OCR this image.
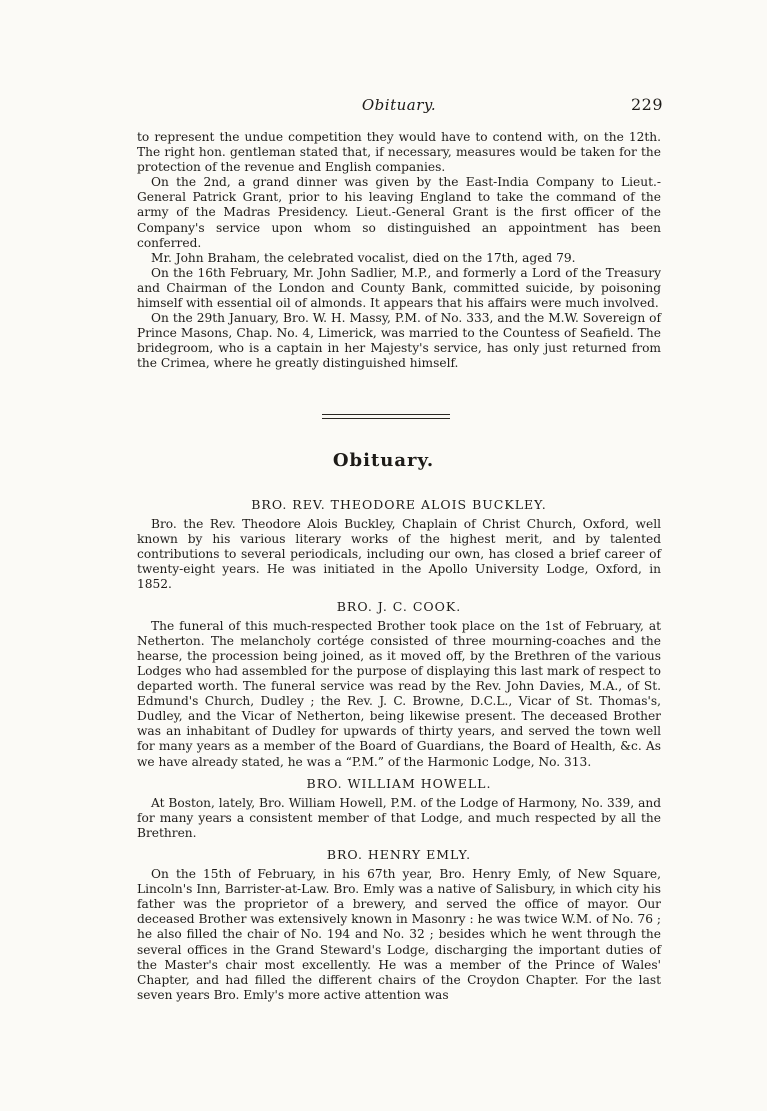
Obituary.	229

to represent the undue competition they would have to contend with, on the 12th. The right hon. gentleman stated that, if necessary, measures would be taken for the protection of the revenue and English companies.

On the 2nd, a grand dinner was given by the East-India Company to Lieut.-General Patrick Grant, prior to his leaving England to take the command of the army of the Madras Presidency. Lieut.-General Grant is the first officer of the Company's service upon whom so distinguished an appointment has been conferred.

Mr. John Braham, the celebrated vocalist, died on the 17th, aged 79.

On the 16th February, Mr. John Sadlier, M.P., and formerly a Lord of the Treasury and Chairman of the London and County Bank, committed suicide, by poisoning himself with essential oil of almonds. It appears that his affairs were much involved.

On the 29th January, Bro. W. H. Massy, P.M. of No. 333, and the M.W. Sovereign of Prince Masons, Chap. No. 4, Limerick, was married to the Countess of Seafield. The bridegroom, who is a captain in her Majesty's service, has only just returned from the Crimea, where he greatly distinguished himself.

Obituary.
BRO. REV. THEODORE ALOIS BUCKLEY.

Bro. the Rev. Theodore Alois Buckley, Chaplain of Christ Church, Oxford, well known by his various literary works of the highest merit, and by talented contributions to several periodicals, including our own, has closed a brief career of twenty-eight years. He was initiated in the Apollo University Lodge, Oxford, in 1852.

BRO. J. C. COOK.

The funeral of this much-respected Brother took place on the 1st of February, at Netherton. The melancholy cortége consisted of three mourning-coaches and the hearse, the procession being joined, as it moved off, by the Brethren of the various Lodges who had assembled for the purpose of displaying this last mark of respect to departed worth. The funeral service was read by the Rev. John Davies, M.A., of St. Edmund's Church, Dudley ; the Rev. J. C. Browne, D.C.L., Vicar of St. Thomas's, Dudley, and the Vicar of Netherton, being likewise present. The deceased Brother was an inhabitant of Dudley for upwards of thirty years, and served the town well for many years as a member of the Board of Guardians, the Board of Health, &c. As we have already stated, he was a “P.M.” of the Harmonic Lodge, No. 313.

BRO. WILLIAM HOWELL.

At Boston, lately, Bro. William Howell, P.M. of the Lodge of Harmony, No. 339, and for many years a consistent member of that Lodge, and much respected by all the Brethren.

BRO. HENRY EMLY.

On the 15th of February, in his 67th year, Bro. Henry Emly, of New Square, Lincoln's Inn, Barrister-at-Law. Bro. Emly was a native of Salisbury, in which city his father was the proprietor of a brewery, and served the office of mayor. Our deceased Brother was extensively known in Masonry : he was twice W.M. of No. 76 ; he also filled the chair of No. 194 and No. 32 ; besides which he went through the several offices in the Grand Steward's Lodge, discharging the important duties of the Master's chair most excellently. He was a member of the Prince of Wales' Chapter, and had filled the different chairs of the Croydon Chapter. For the last seven years Bro. Emly's more active attention was
